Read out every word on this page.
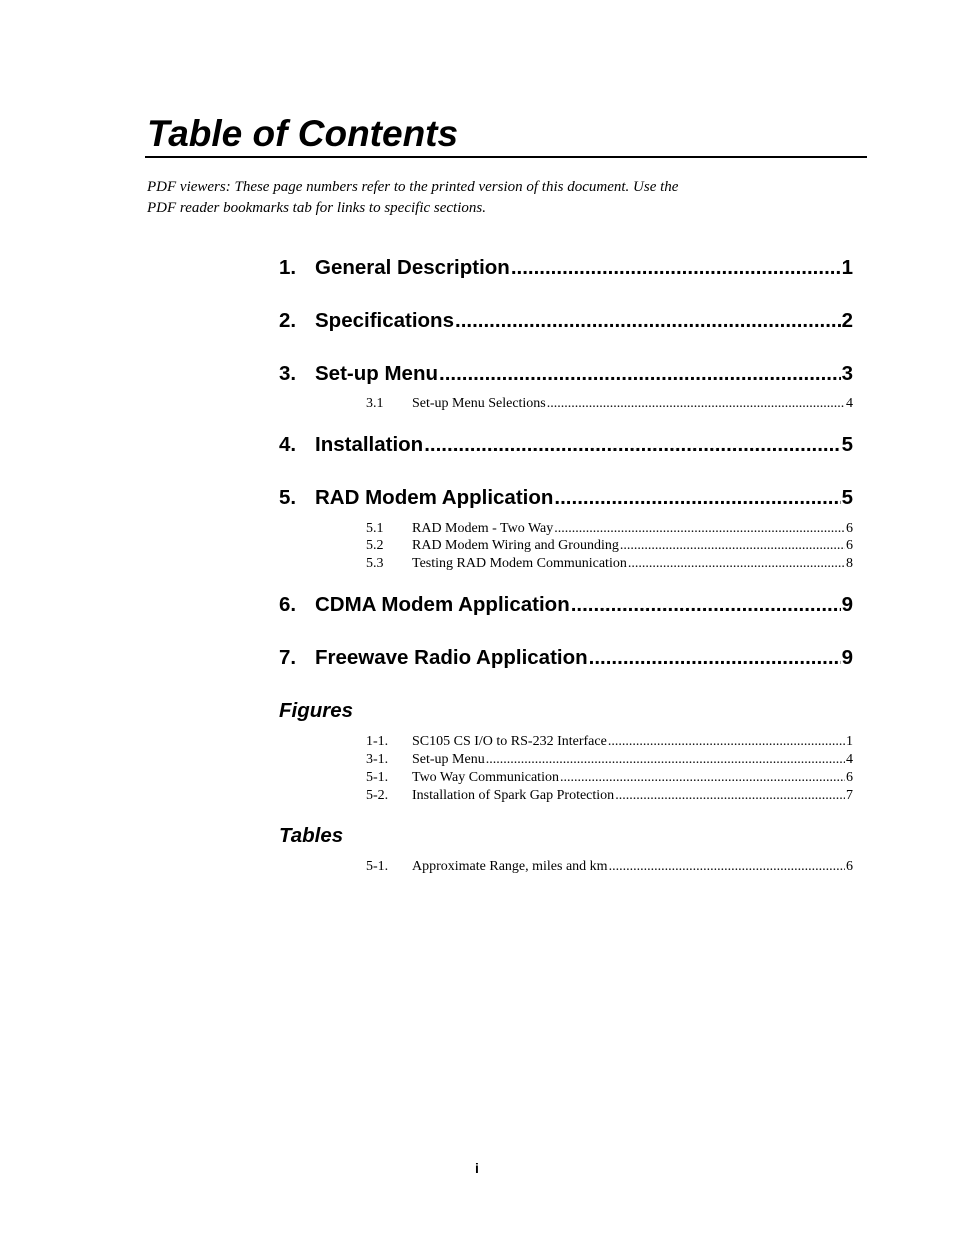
Table of Contents
PDF viewers: These page numbers refer to the printed version of this document. Use the
PDF reader bookmarks tab for links to specific sections.
1. General Description .....	1
2. Specifications .....	2
3. Set-up Menu .....	3
3.1	Set-up Menu Selections .....	4
4. Installation .....	5
5. RAD Modem Application .....	5
5.1	RAD Modem - Two Way .....	6
5.2	RAD Modem Wiring and Grounding .....	6
5.3	Testing RAD Modem Communication .....	8
6. CDMA Modem Application .....	9
7. Freewave Radio Application .....	9
Figures
1-1.	SC105 CS I/O to RS-232 Interface .....	1
3-1.	Set-up Menu .....	4
5-1.	Two Way Communication .....	6
5-2.	Installation of Spark Gap Protection .....	7
Tables
5-1.	Approximate Range, miles and km .....	6
i
